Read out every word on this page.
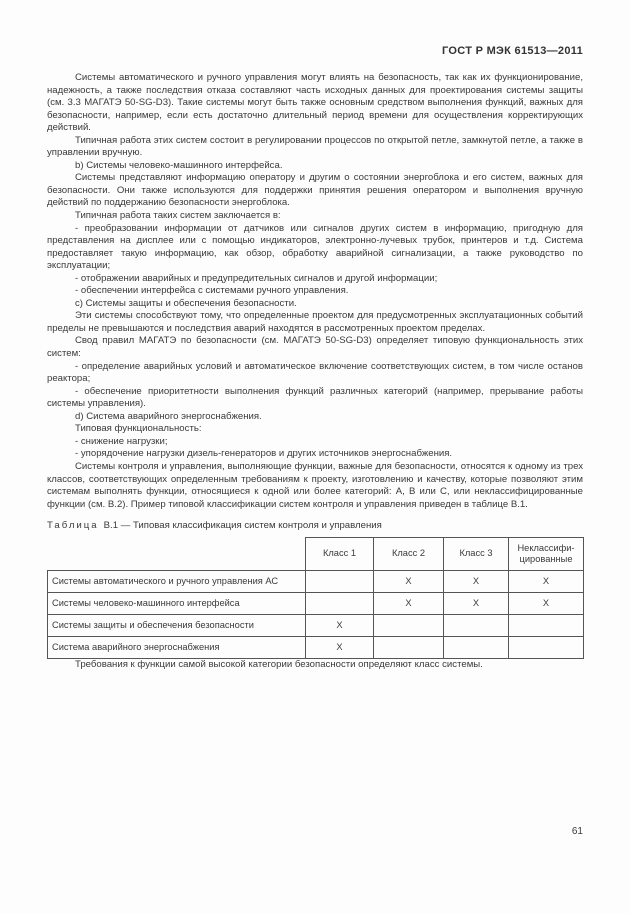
ГОСТ Р МЭК 61513—2011

Системы автоматического и ручного управления могут влиять на безопасность, так как их функционирование, надежность, а также последствия отказа составляют часть исходных данных для проектирования системы защиты (см. 3.3 МАГАТЭ 50-SG-D3). Такие системы могут быть также основным средством выполнения функций, важных для безопасности, например, если есть достаточно длительный период времени для осуществления корректирующих действий.

Типичная работа этих систем состоит в регулировании процессов по открытой петле, замкнутой петле, а также в управлении вручную.

b) Системы человеко-машинного интерфейса.

Системы представляют информацию оператору и другим о состоянии энергоблока и его систем, важных для безопасности. Они также используются для поддержки принятия решения оператором и выполнения вручную действий по поддержанию безопасности энергоблока.

Типичная работа таких систем заключается в:

- преобразовании информации от датчиков или сигналов других систем в информацию, пригодную для представления на дисплее или с помощью индикаторов, электронно-лучевых трубок, принтеров и т.д. Система предоставляет такую информацию, как обзор, обработку аварийной сигнализации, а также руководство по эксплуатации;

- отображении аварийных и предупредительных сигналов и другой информации;

- обеспечении интерфейса с системами ручного управления.

c) Системы защиты и обеспечения безопасности.

Эти системы способствуют тому, что определенные проектом для предусмотренных эксплуатационных событий пределы не превышаются и последствия аварий находятся в рассмотренных проектом пределах.

Свод правил МАГАТЭ по безопасности (см. МАГАТЭ 50-SG-D3) определяет типовую функциональность этих систем:

- определение аварийных условий и автоматическое включение соответствующих систем, в том числе останов реактора;

- обеспечение приоритетности выполнения функций различных категорий (например, прерывание работы системы управления).

d) Система аварийного энергоснабжения.

Типовая функциональность:

- снижение нагрузки;

- упорядочение нагрузки дизель-генераторов и других источников энергоснабжения.

Системы контроля и управления, выполняющие функции, важные для безопасности, относятся к одному из трех классов, соответствующих определенным требованиям к проекту, изготовлению и качеству, которые позволяют этим системам выполнять функции, относящиеся к одной или более категорий: А, В или С, или неклассифицированные функции (см. В.2). Пример типовой классификации систем контроля и управления приведен в таблице В.1.

Таблица В.1 — Типовая классификация систем контроля и управления
	Класс 1	Класс 2	Класс 3	Неклассифи-цированные
Системы автоматического и ручного управления АС		X	X	X
Системы человеко-машинного интерфейса		X	X	X
Системы защиты и обеспечения безопасности	X			
Система аварийного энергоснабжения	X			

Требования к функции самой высокой категории безопасности определяют класс системы.

61
